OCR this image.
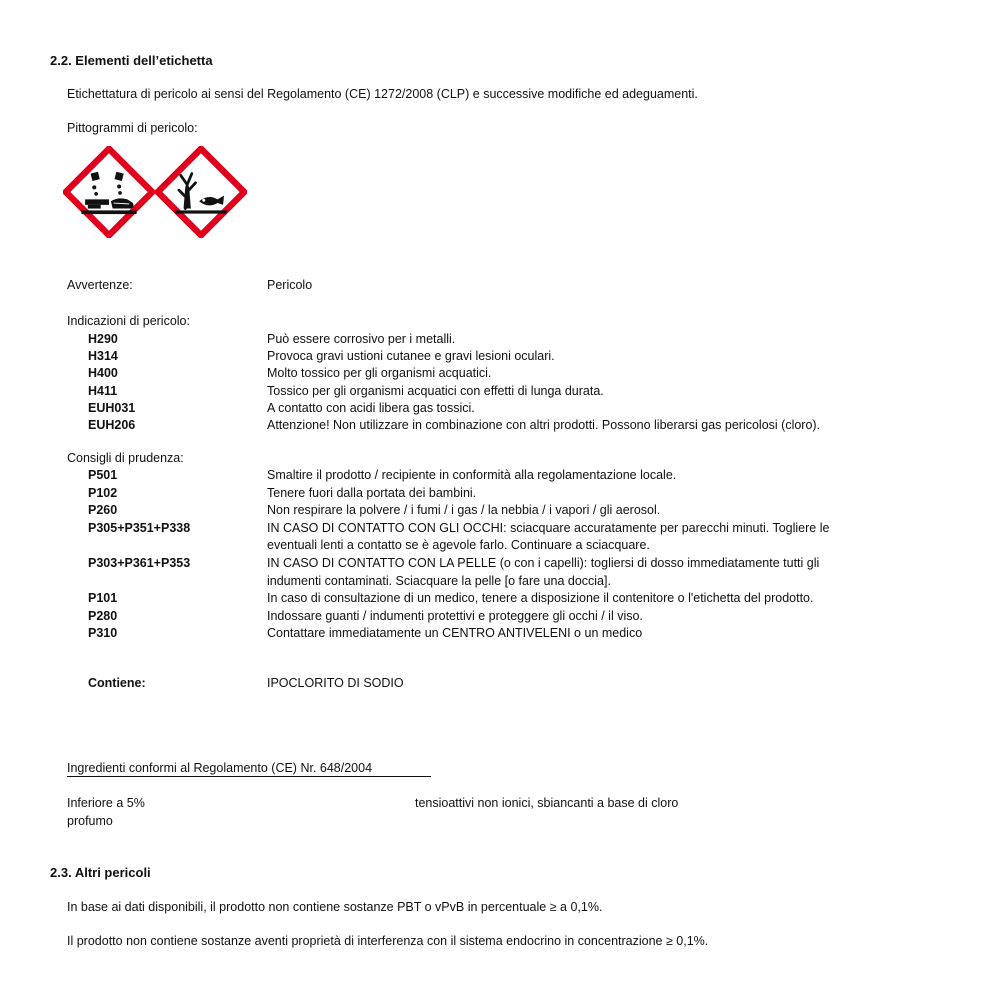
2.2. Elementi dell’etichetta
Etichettatura di pericolo ai sensi del Regolamento (CE) 1272/2008 (CLP) e successive modifiche ed adeguamenti.
Pittogrammi di pericolo:
Avvertenze:	Pericolo
Indicazioni di pericolo:
H290	Può essere corrosivo per i metalli.
H314	Provoca gravi ustioni cutanee e gravi lesioni oculari.
H400	Molto tossico per gli organismi acquatici.
H411	Tossico per gli organismi acquatici con effetti di lunga durata.
EUH031	A contatto con acidi libera gas tossici.
EUH206	Attenzione! Non utilizzare in combinazione con altri prodotti. Possono liberarsi gas pericolosi (cloro).
Consigli di prudenza:
P501	Smaltire il prodotto / recipiente in conformità alla regolamentazione locale.
P102	Tenere fuori dalla portata dei bambini.
P260	Non respirare la polvere / i fumi / i gas / la nebbia / i vapori / gli aerosol.
P305+P351+P338	IN CASO DI CONTATTO CON GLI OCCHI: sciacquare accuratamente per parecchi minuti. Togliere le
eventuali lenti a contatto se è agevole farlo. Continuare a sciacquare.
P303+P361+P353	IN CASO DI CONTATTO CON LA PELLE (o con i capelli): togliersi di dosso immediatamente tutti gli
indumenti contaminati. Sciacquare la pelle [o fare una doccia].
P101	In caso di consultazione di un medico, tenere a disposizione il contenitore o l'etichetta del prodotto.
P280	Indossare guanti / indumenti protettivi e proteggere gli occhi / il viso.
P310	Contattare immediatamente un CENTRO ANTIVELENI o un medico
Contiene:	IPOCLORITO DI SODIO
Ingredienti conformi al Regolamento (CE) Nr. 648/2004
Inferiore a 5%	tensioattivi non ionici, sbiancanti a base di cloro
profumo
2.3. Altri pericoli
In base ai dati disponibili, il prodotto non contiene sostanze PBT o vPvB in percentuale ≥ a 0,1%.
Il prodotto non contiene sostanze aventi proprietà di interferenza con il sistema endocrino in concentrazione ≥ 0,1%.
